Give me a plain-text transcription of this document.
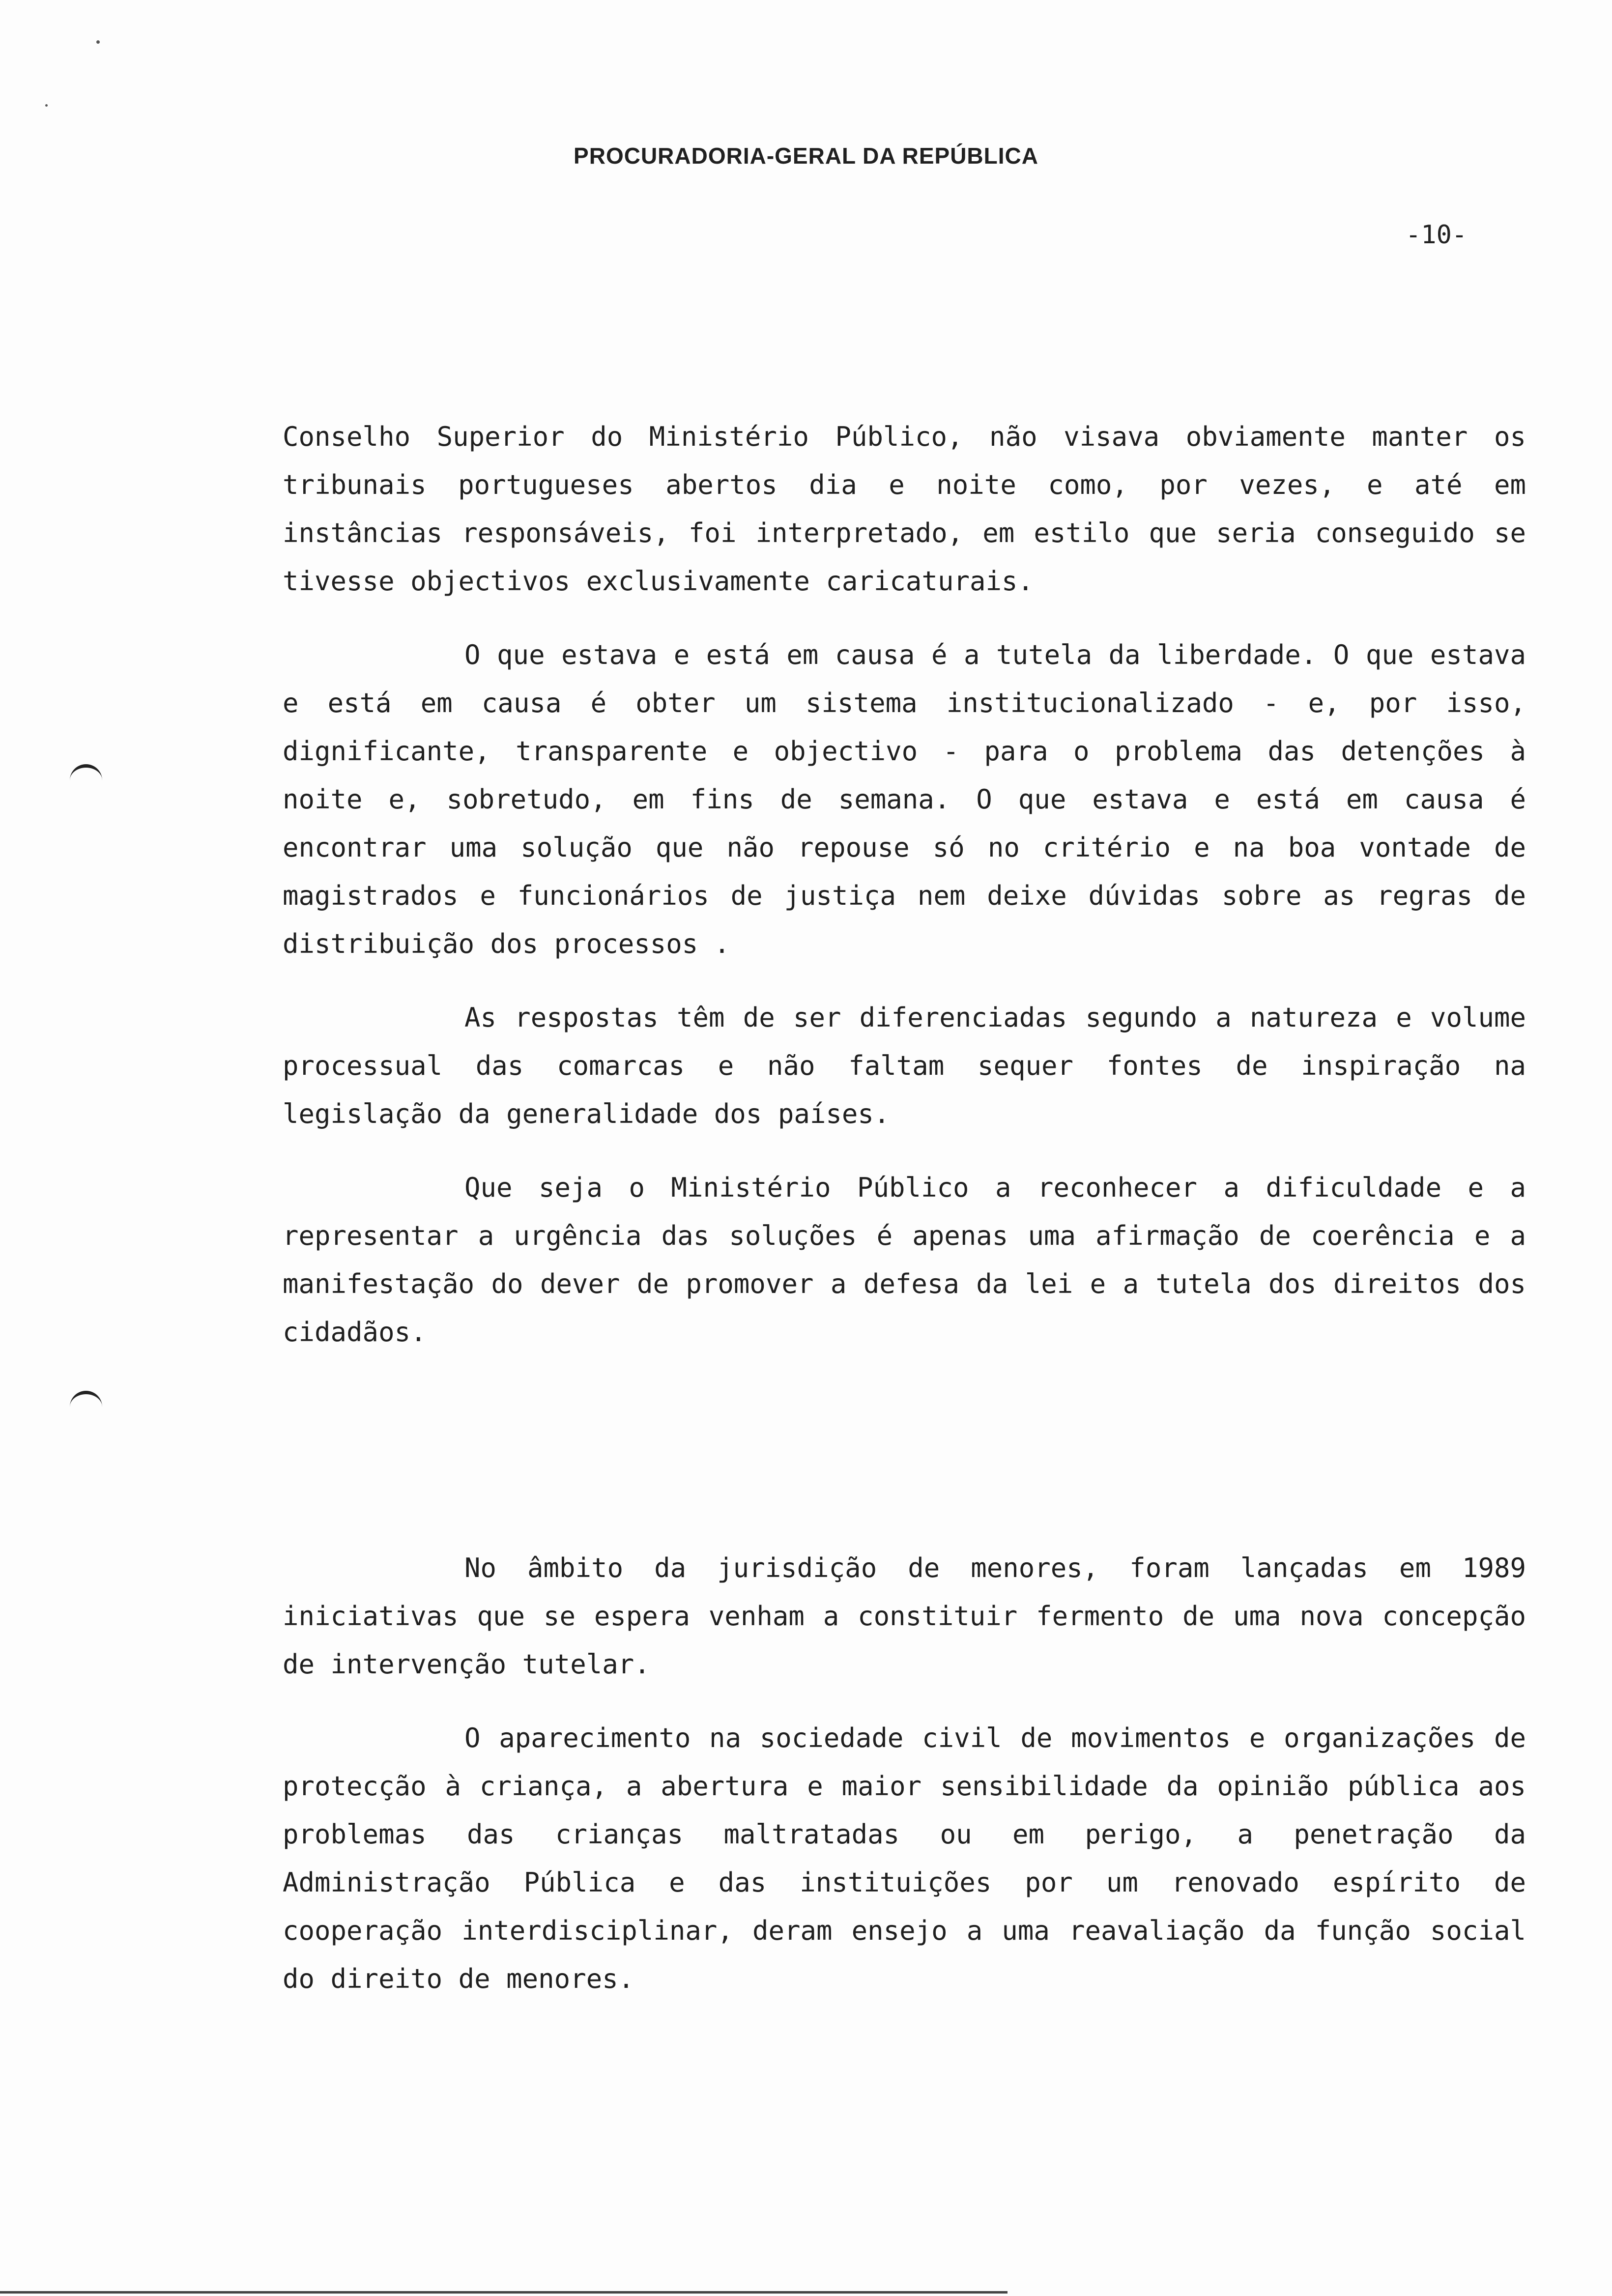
PROCURADORIA-GERAL DA REPÚBLICA
-10-

Conselho Superior do Ministério Público, não visava obviamente manter os tribunais portugueses abertos dia e noite como, por vezes, e até em instâncias responsáveis, foi interpretado, em estilo que seria conseguido se tivesse objectivos exclusivamente caricaturais.

O que estava e está em causa é a tutela da liberdade. O que estava e está em causa é obter um sistema institucionalizado - e, por isso, dignificante, transparente e objectivo - para o problema das detenções à noite e, sobretudo, em fins de semana. O que estava e está em causa é encontrar uma solução que não repouse só no critério e na boa vontade de magistrados e funcionários de justiça nem deixe dúvidas sobre as regras de distribuição dos processos .

As respostas têm de ser diferenciadas segundo a natureza e volume processual das comarcas e não faltam sequer fontes de inspiração na legislação da generalidade dos países.

Que seja o Ministério Público a reconhecer a dificuldade e a representar a urgência das soluções é apenas uma afirmação de coerência e a manifestação do dever de promover a defesa da lei e a tutela dos direitos dos cidadãos.

No âmbito da jurisdição de menores, foram lançadas em 1989 iniciativas que se espera venham a constituir fermento de uma nova concepção de intervenção tutelar.

O aparecimento na sociedade civil de movimentos e organizações de protecção à criança, a abertura e maior sensibilidade da opinião pública aos problemas das crianças maltratadas ou em perigo, a penetração da Administração Pública e das instituições por um renovado espírito de cooperação interdisciplinar, deram ensejo a uma reavaliação da função social do direito de menores.
